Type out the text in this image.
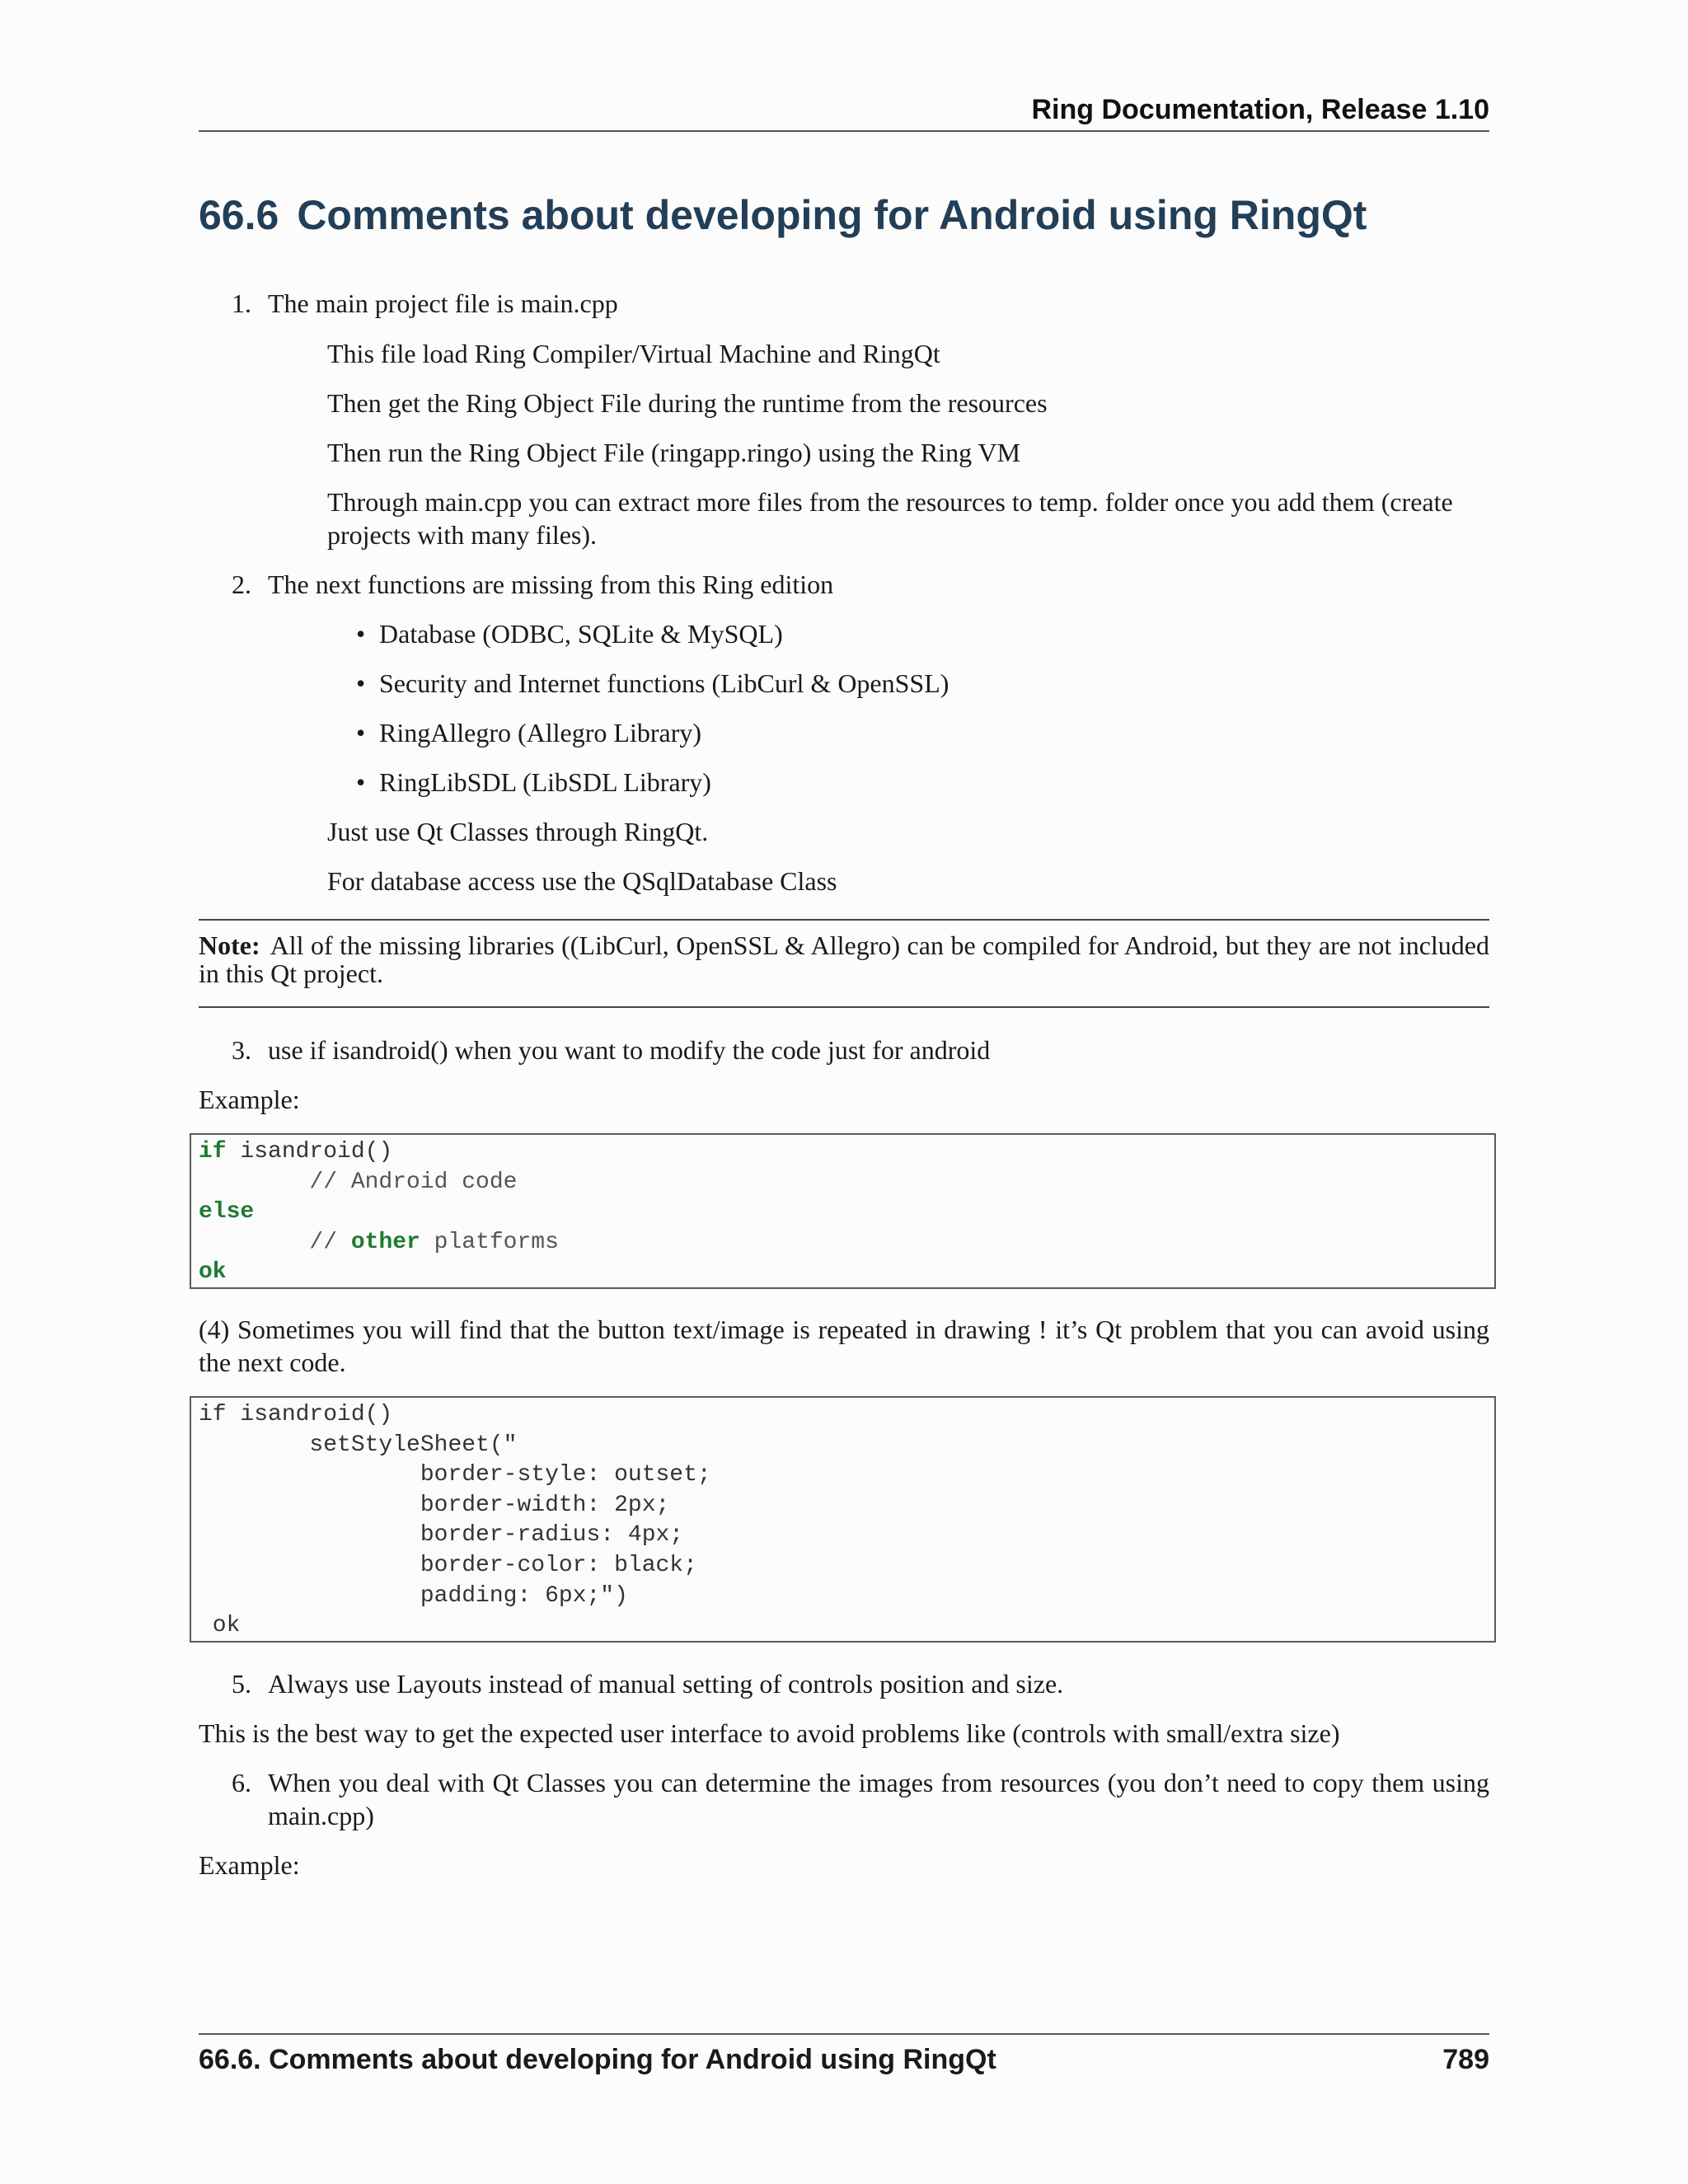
Ring Documentation, Release 1.10
66.6 Comments about developing for Android using RingQt
1. The main project file is main.cpp

This file load Ring Compiler/Virtual Machine and RingQt

Then get the Ring Object File during the runtime from the resources

Then run the Ring Object File (ringapp.ringo) using the Ring VM

Through main.cpp you can extract more files from the resources to temp. folder once you add them (create projects with many files).

2. The next functions are missing from this Ring edition

• Database (ODBC, SQLite & MySQL)

• Security and Internet functions (LibCurl & OpenSSL)

• RingAllegro (Allegro Library)

• RingLibSDL (LibSDL Library)

Just use Qt Classes through RingQt.

For database access use the QSqlDatabase Class

Note: All of the missing libraries ((LibCurl, OpenSSL & Allegro) can be compiled for Android, but they are not included in this Qt project.

3. use if isandroid() when you want to modify the code just for android

Example:

if isandroid()
// Android code
else
// other platforms
ok

(4) Sometimes you will find that the button text/image is repeated in drawing ! it’s Qt problem that you can avoid using the next code.

if isandroid()
setStyleSheet("
border-style: outset;
border-width: 2px;
border-radius: 4px;
border-color: black;
padding: 6px;")
ok
5. Always use Layouts instead of manual setting of controls position and size.

This is the best way to get the expected user interface to avoid problems like (controls with small/extra size)

6. When you deal with Qt Classes you can determine the images from resources (you don’t need to copy them using main.cpp)

Example:

66.6. Comments about developing for Android using RingQt	789
